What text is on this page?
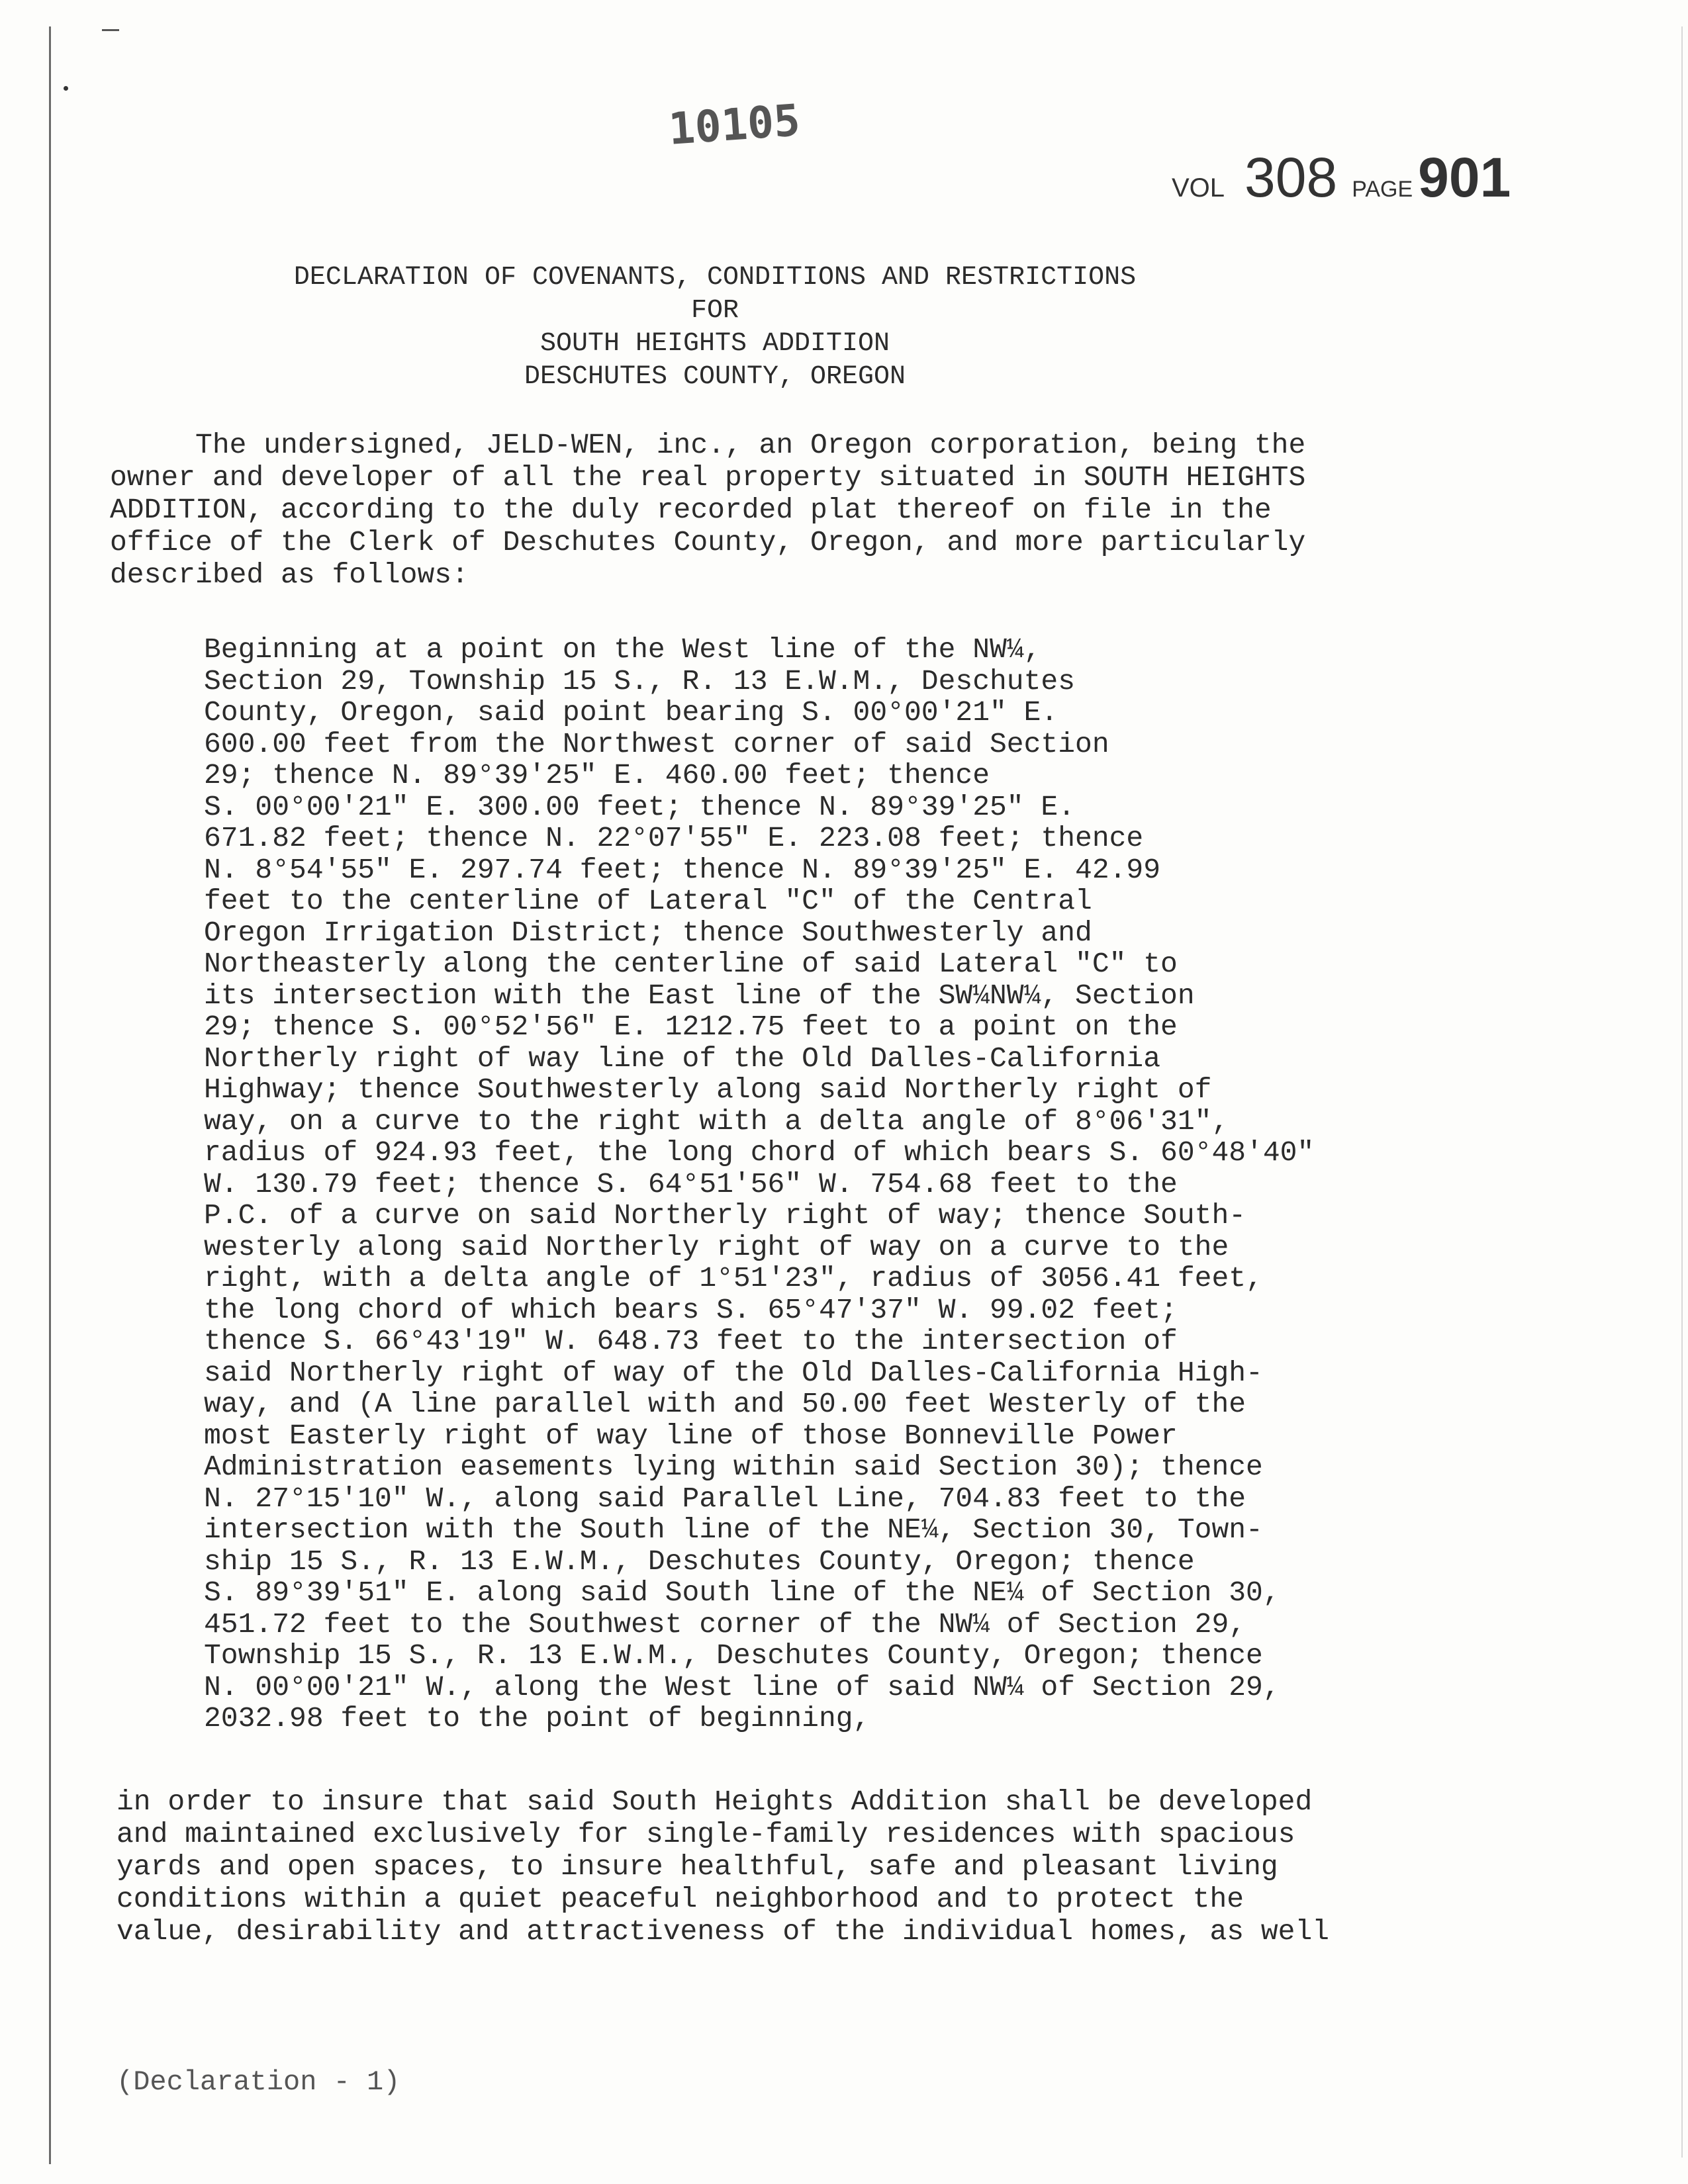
10105
VOL 308 PAGE901
DECLARATION OF COVENANTS, CONDITIONS AND RESTRICTIONS
FOR
SOUTH HEIGHTS ADDITION
DESCHUTES COUNTY, OREGON
The undersigned, JELD-WEN, inc., an Oregon corporation, being the
owner and developer of all the real property situated in SOUTH HEIGHTS
ADDITION, according to the duly recorded plat thereof on file in the
office of the Clerk of Deschutes County, Oregon, and more particularly
described as follows:
Beginning at a point on the West line of the NW¼,
Section 29, Township 15 S., R. 13 E.W.M., Deschutes
County, Oregon, said point bearing S. 00°00'21" E.
600.00 feet from the Northwest corner of said Section
29; thence N. 89°39'25" E. 460.00 feet; thence
S. 00°00'21" E. 300.00 feet; thence N. 89°39'25" E.
671.82 feet; thence N. 22°07'55" E. 223.08 feet; thence
N. 8°54'55" E. 297.74 feet; thence N. 89°39'25" E. 42.99
feet to the centerline of Lateral "C" of the Central
Oregon Irrigation District; thence Southwesterly and
Northeasterly along the centerline of said Lateral "C" to
its intersection with the East line of the SW¼NW¼, Section
29; thence S. 00°52'56" E. 1212.75 feet to a point on the
Northerly right of way line of the Old Dalles-California
Highway; thence Southwesterly along said Northerly right of
way, on a curve to the right with a delta angle of 8°06'31",
radius of 924.93 feet, the long chord of which bears S. 60°48'40"
W. 130.79 feet; thence S. 64°51'56" W. 754.68 feet to the
P.C. of a curve on said Northerly right of way; thence South-
westerly along said Northerly right of way on a curve to the
right, with a delta angle of 1°51'23", radius of 3056.41 feet,
the long chord of which bears S. 65°47'37" W. 99.02 feet;
thence S. 66°43'19" W. 648.73 feet to the intersection of
said Northerly right of way of the Old Dalles-California High-
way, and (A line parallel with and 50.00 feet Westerly of the
most Easterly right of way line of those Bonneville Power
Administration easements lying within said Section 30); thence
N. 27°15'10" W., along said Parallel Line, 704.83 feet to the
intersection with the South line of the NE¼, Section 30, Town-
ship 15 S., R. 13 E.W.M., Deschutes County, Oregon; thence
S. 89°39'51" E. along said South line of the NE¼ of Section 30,
451.72 feet to the Southwest corner of the NW¼ of Section 29,
Township 15 S., R. 13 E.W.M., Deschutes County, Oregon; thence
N. 00°00'21" W., along the West line of said NW¼ of Section 29,
2032.98 feet to the point of beginning,
in order to insure that said South Heights Addition shall be developed
and maintained exclusively for single-family residences with spacious
yards and open spaces, to insure healthful, safe and pleasant living
conditions within a quiet peaceful neighborhood and to protect the
value, desirability and attractiveness of the individual homes, as well
(Declaration - 1)
